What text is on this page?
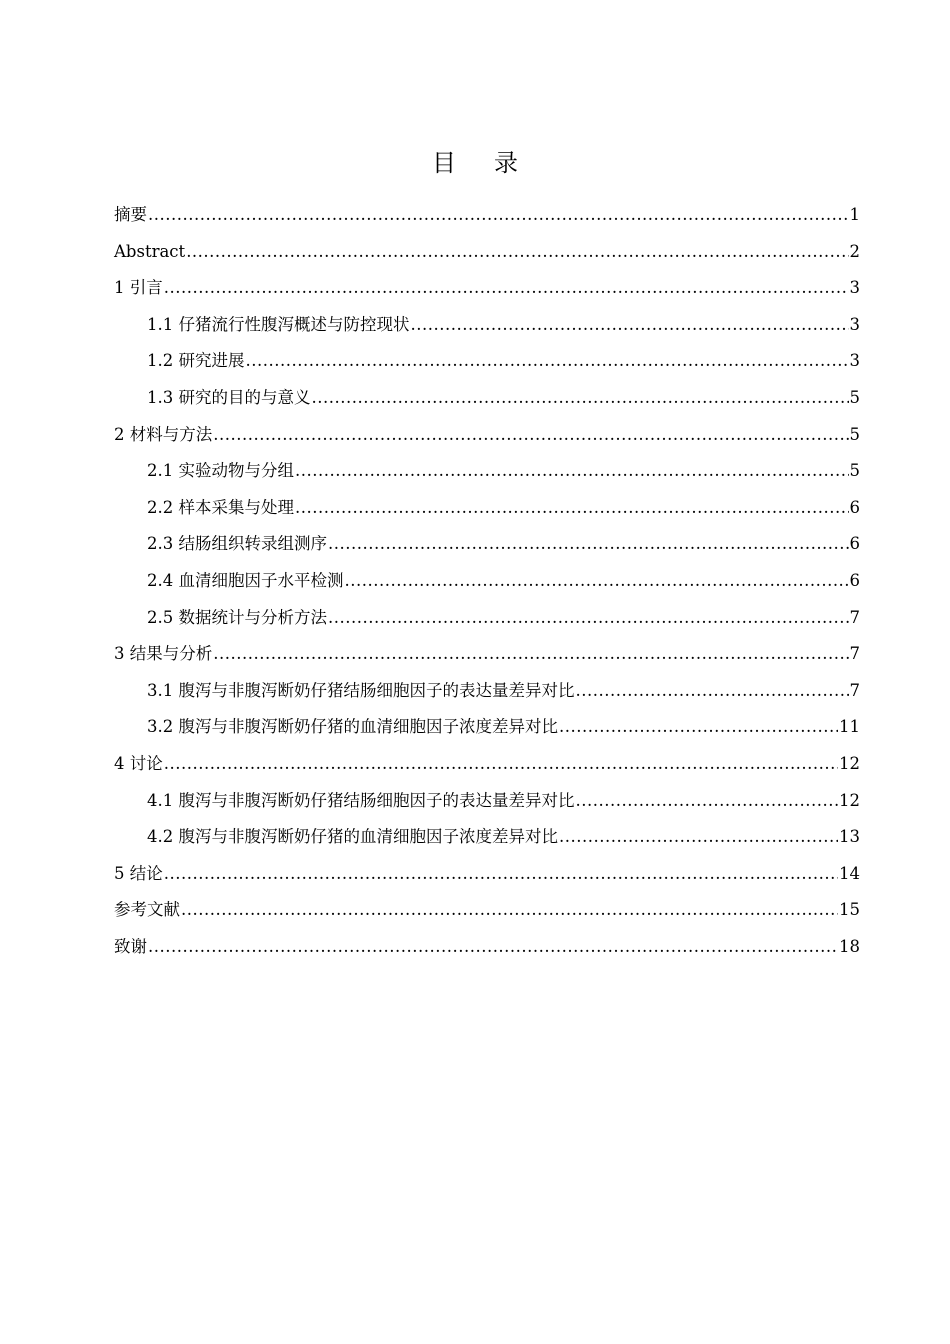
目录
摘要 .....	1
Abstract .....	2
1 引言 .....	3
1.1 仔猪流行性腹泻概述与防控现状 .....	3
1.2 研究进展 .....	3
1.3 研究的目的与意义 .....	5
2 材料与方法 .....	5
2.1 实验动物与分组 .....	5
2.2 样本采集与处理 .....	6
2.3 结肠组织转录组测序 .....	6
2.4 血清细胞因子水平检测 .....	6
2.5 数据统计与分析方法 .....	7
3 结果与分析 .....	7
3.1 腹泻与非腹泻断奶仔猪结肠细胞因子的表达量差异对比 .....	7
3.2 腹泻与非腹泻断奶仔猪的血清细胞因子浓度差异对比 .....	11
4 讨论 .....	12
4.1 腹泻与非腹泻断奶仔猪结肠细胞因子的表达量差异对比 .....	12
4.2 腹泻与非腹泻断奶仔猪的血清细胞因子浓度差异对比 .....	13
5 结论 .....	14
参考文献 .....	15
致谢 .....	18
